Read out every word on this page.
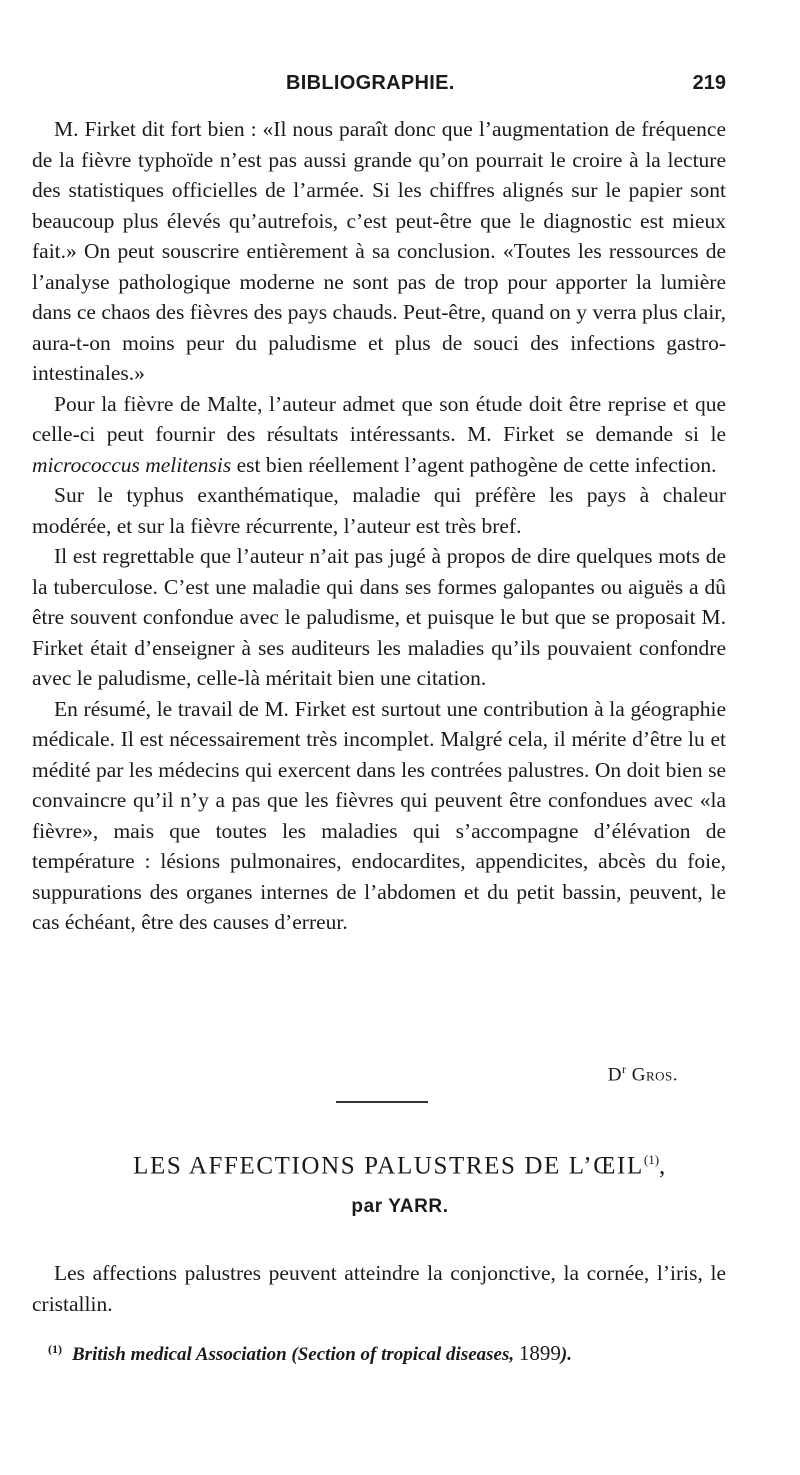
BIBLIOGRAPHIE.	219

M. Firket dit fort bien : «Il nous paraît donc que l’augmentation de fréquence de la fièvre typhoïde n’est pas aussi grande qu’on pourrait le croire à la lecture des statistiques officielles de l’armée. Si les chiffres alignés sur le papier sont beaucoup plus élevés qu’autrefois, c’est peut-être que le diagnostic est mieux fait.» On peut souscrire entièrement à sa conclusion. «Toutes les ressources de l’analyse pathologique moderne ne sont pas de trop pour apporter la lumière dans ce chaos des fièvres des pays chauds. Peut-être, quand on y verra plus clair, aura-t-on moins peur du paludisme et plus de souci des infections gastro-intestinales.»

Pour la fièvre de Malte, l’auteur admet que son étude doit être reprise et que celle-ci peut fournir des résultats intéressants. M. Firket se demande si le micrococcus melitensis est bien réellement l’agent pathogène de cette infection.

Sur le typhus exanthématique, maladie qui préfère les pays à chaleur modérée, et sur la fièvre récurrente, l’auteur est très bref.

Il est regrettable que l’auteur n’ait pas jugé à propos de dire quelques mots de la tuberculose. C’est une maladie qui dans ses formes galopantes ou aiguës a dû être souvent confondue avec le paludisme, et puisque le but que se proposait M. Firket était d’enseigner à ses auditeurs les maladies qu’ils pouvaient confondre avec le paludisme, celle-là méritait bien une citation.

En résumé, le travail de M. Firket est surtout une contribution à la géographie médicale. Il est nécessairement très incomplet. Malgré cela, il mérite d’être lu et médité par les médecins qui exercent dans les contrées palustres. On doit bien se convaincre qu’il n’y a pas que les fièvres qui peuvent être confondues avec «la fièvre», mais que toutes les maladies qui s’accompagne d’élévation de température : lésions pulmonaires, endocardites, appendicites, abcès du foie, suppurations des organes internes de l’abdomen et du petit bassin, peuvent, le cas échéant, être des causes d’erreur.

$D^r$ Gros.
LES AFFECTIONS PALUSTRES DE L’ŒIL$^{(1)}$,
par YARR.

Les affections palustres peuvent atteindre la conjonctive, la cornée, l’iris, le cristallin.

$^{(1)}$ British medical Association (Section of tropical diseases, 1899).
